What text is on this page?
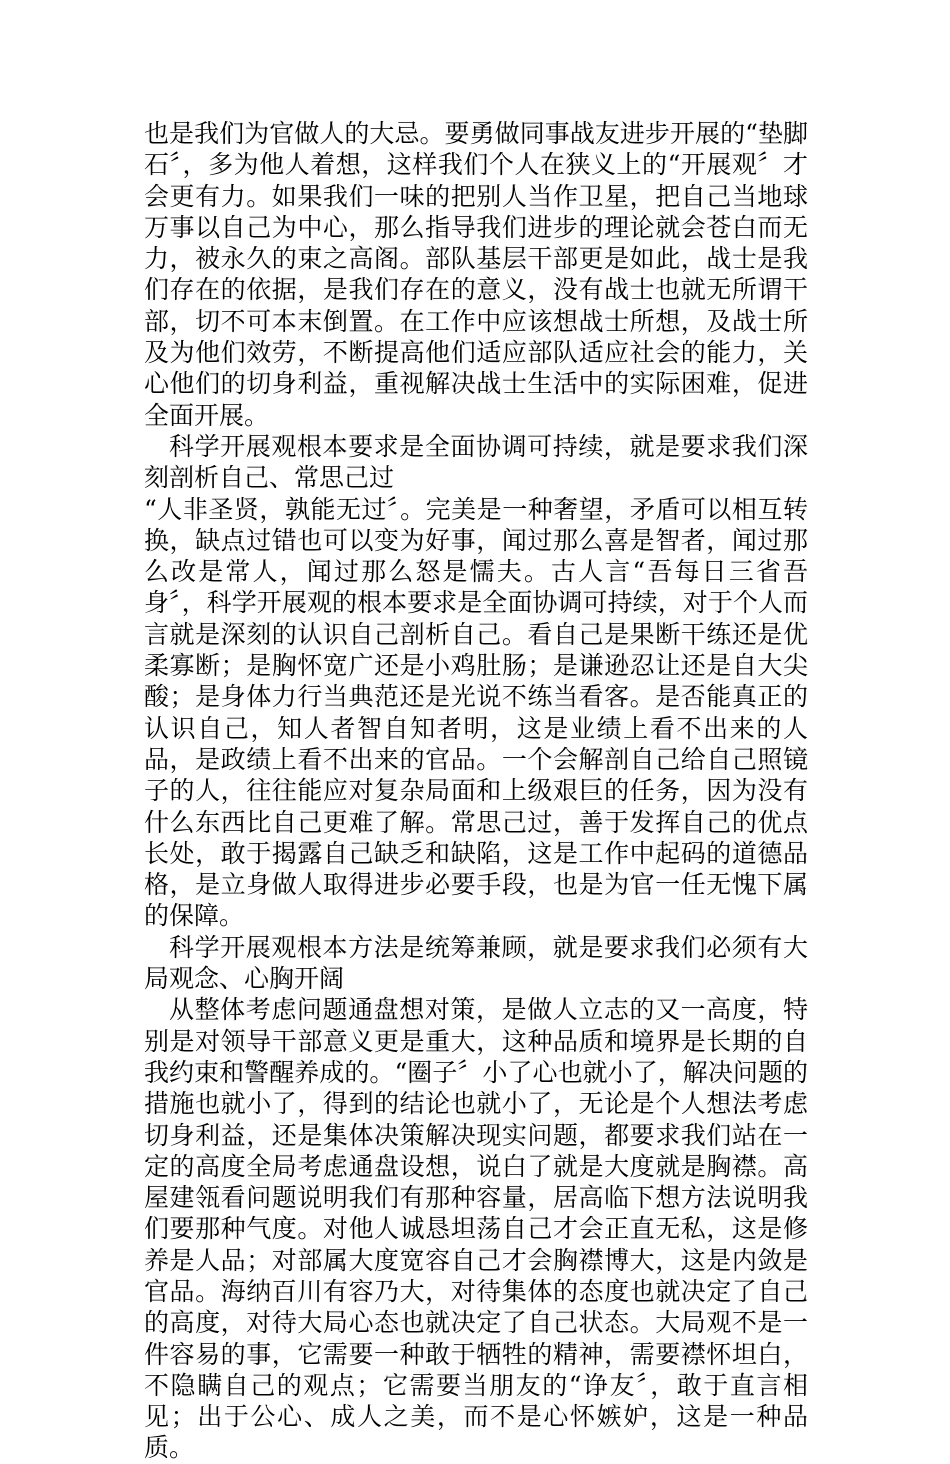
也是我们为官做人的大忌。要勇做同事战友进步开展的“垫脚石〞，多为他人着想，这样我们个人在狭义上的“开展观〞才会更有力。如果我们一味的把别人当作卫星，把自己当地球万事以自己为中心，那么指导我们进步的理论就会苍白而无力，被永久的束之高阁。部队基层干部更是如此，战士是我们存在的依据，是我们存在的意义，没有战士也就无所谓干部，切不可本末倒置。在工作中应该想战士所想，及战士所及为他们效劳，不断提高他们适应部队适应社会的能力，关心他们的切身利益，重视解决战士生活中的实际困难，促进全面开展。

科学开展观根本要求是全面协调可持续，就是要求我们深刻剖析自己、常思己过

“人非圣贤，孰能无过〞。完美是一种奢望，矛盾可以相互转换，缺点过错也可以变为好事，闻过那么喜是智者，闻过那么改是常人，闻过那么怒是懦夫。古人言“吾每日三省吾身〞，科学开展观的根本要求是全面协调可持续，对于个人而言就是深刻的认识自己剖析自己。看自己是果断干练还是优柔寡断；是胸怀宽广还是小鸡肚肠；是谦逊忍让还是自大尖酸；是身体力行当典范还是光说不练当看客。是否能真正的认识自己，知人者智自知者明，这是业绩上看不出来的人品，是政绩上看不出来的官品。一个会解剖自己给自己照镜子的人，往往能应对复杂局面和上级艰巨的任务，因为没有什么东西比自己更难了解。常思己过，善于发挥自己的优点长处，敢于揭露自己缺乏和缺陷，这是工作中起码的道德品格，是立身做人取得进步必要手段，也是为官一任无愧下属的保障。

科学开展观根本方法是统筹兼顾，就是要求我们必须有大局观念、心胸开阔

从整体考虑问题通盘想对策，是做人立志的又一高度，特别是对领导干部意义更是重大，这种品质和境界是长期的自我约束和警醒养成的。“圈子〞小了心也就小了，解决问题的措施也就小了，得到的结论也就小了，无论是个人想法考虑切身利益，还是集体决策解决现实问题，都要求我们站在一定的高度全局考虑通盘设想，说白了就是大度就是胸襟。高屋建瓴看问题说明我们有那种容量，居高临下想方法说明我们要那种气度。对他人诚恳坦荡自己才会正直无私，这是修养是人品；对部属大度宽容自己才会胸襟博大，这是内敛是官品。海纳百川有容乃大，对待集体的态度也就决定了自己的高度，对待大局心态也就决定了自己状态。大局观不是一件容易的事，它需要一种敢于牺牲的精神，需要襟怀坦白，不隐瞒自己的观点；它需要当朋友的“诤友〞，敢于直言相见；出于公心、成人之美，而不是心怀嫉妒，这是一种品质。
